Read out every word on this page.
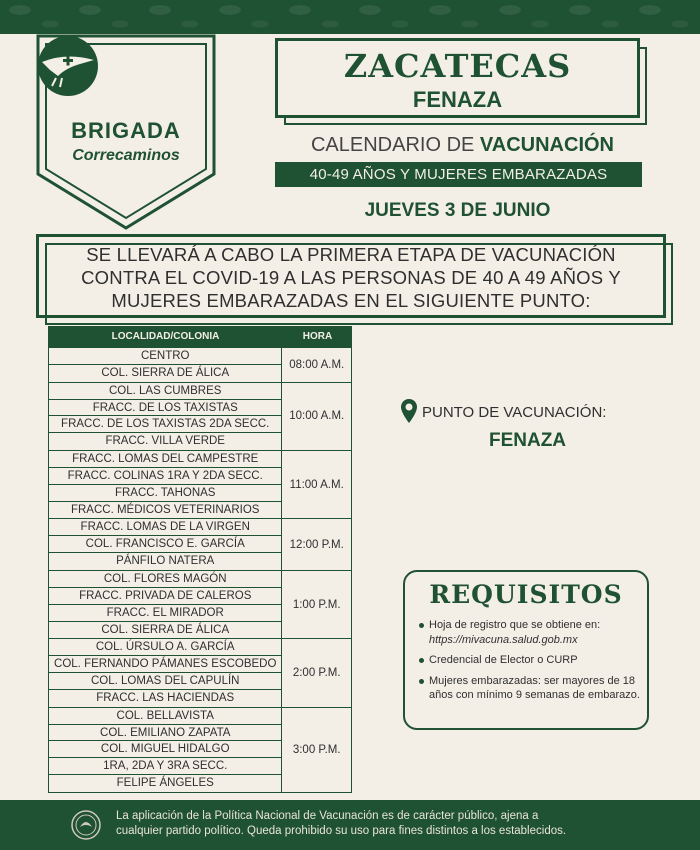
BRIGADA
Correcaminos
ZACATECAS
FENAZA
CALENDARIO DE VACUNACIÓN
40-49 AÑOS Y MUJERES EMBARAZADAS
JUEVES 3 DE JUNIO
SE LLEVARÁ A CABO LA PRIMERA ETAPA DE VACUNACIÓN
CONTRA EL COVID-19 A LAS PERSONAS DE 40 A 49 AÑOS Y
MUJERES EMBARAZADAS EN EL SIGUIENTE PUNTO:
LOCALIDAD/COLONIA	HORA
CENTRO
COL. SIERRA DE ÁLICA
08:00 A.M.
COL. LAS CUMBRES
FRACC. DE LOS TAXISTAS
FRACC. DE LOS TAXISTAS 2DA SECC.
FRACC. VILLA VERDE
10:00 A.M.
FRACC. LOMAS DEL CAMPESTRE
FRACC. COLINAS 1RA Y 2DA SECC.
FRACC. TAHONAS
FRACC. MÉDICOS VETERINARIOS
11:00 A.M.
FRACC. LOMAS DE LA VIRGEN
COL. FRANCISCO E. GARCÍA
PÁNFILO NATERA
12:00 P.M.
COL. FLORES MAGÓN
FRACC. PRIVADA DE CALEROS
FRACC. EL MIRADOR
COL. SIERRA DE ÁLICA
1:00 P.M.
COL. ÚRSULO A. GARCÍA
COL. FERNANDO PÁMANES ESCOBEDO
COL. LOMAS DEL CAPULÍN
FRACC. LAS HACIENDAS
2:00 P.M.
COL. BELLAVISTA
COL. EMILIANO ZAPATA
COL. MIGUEL HIDALGO
1RA, 2DA Y 3RA SECC.
FELIPE ÁNGELES
3:00 P.M.
PUNTO DE VACUNACIÓN:
FENAZA
REQUISITOS
Hoja de registro que se obtiene en: https://mivacuna.salud.gob.mx
Credencial de Elector o CURP
Mujeres embarazadas: ser mayores de 18 años con mínimo 9 semanas de embarazo.
La aplicación de la Política Nacional de Vacunación es de carácter público, ajena a
cualquier partido político. Queda prohibido su uso para fines distintos a los establecidos.
